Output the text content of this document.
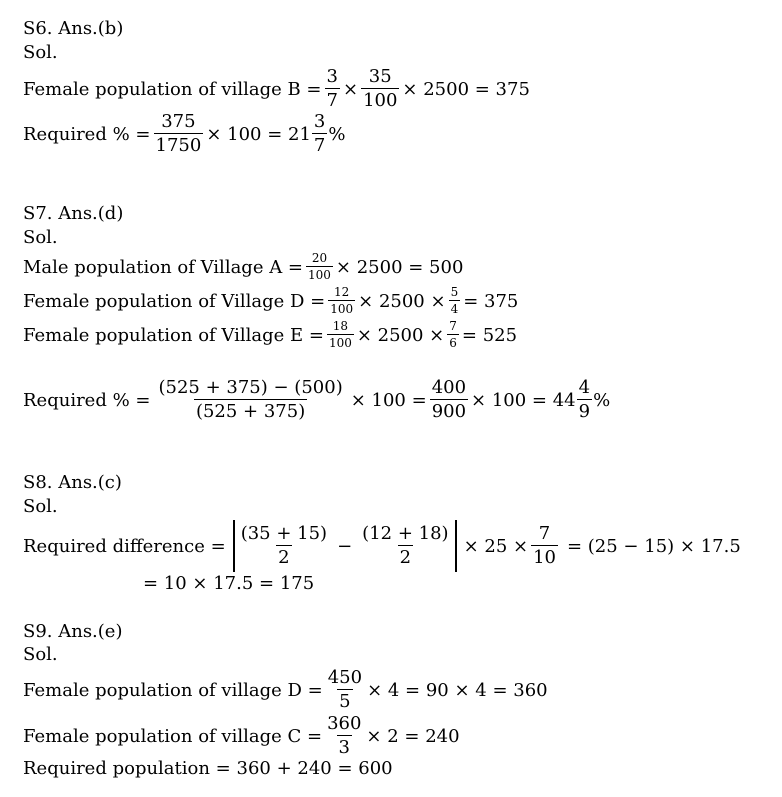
S6. Ans.(b)
Sol.
Female population of village $B = \frac{3}{7} \times \frac{35}{100} \times 2500 = 375$
Required % = $\frac{375}{1750} \times 100 = 21 \frac{3}{7}$ %
S7. Ans.(d)
Sol.
Male population of Village $A = \frac{20}{100} \times 2500 = 500$
Female population of Village $D = \frac{12}{100} \times 2500 \times \frac{5}{4} = 375$
Female population of Village $E = \frac{18}{100} \times 2500 \times \frac{7}{6} = 525$
Required % = $\frac{(525 + 375) - (500)}{(525 + 375)} \times 100 = \frac{400}{900} \times 100 = 44 \frac{4}{9}$ %
S8. Ans.(c)
Sol.
Required difference = $\frac{(35 + 15)}{2} - \frac{(12 + 18)}{2} \times 25 \times \frac{7}{10} = (25 - 15) \times 17.5$
= 10 × 17.5 = 175
S9. Ans.(e)
Sol.
Female population of village $D = \frac{450}{5} \times 4 = 90 \times 4 = 360$
Female population of village $C = \frac{360}{3} \times 2 = 240$
Required population = 360 + 240 = 600
